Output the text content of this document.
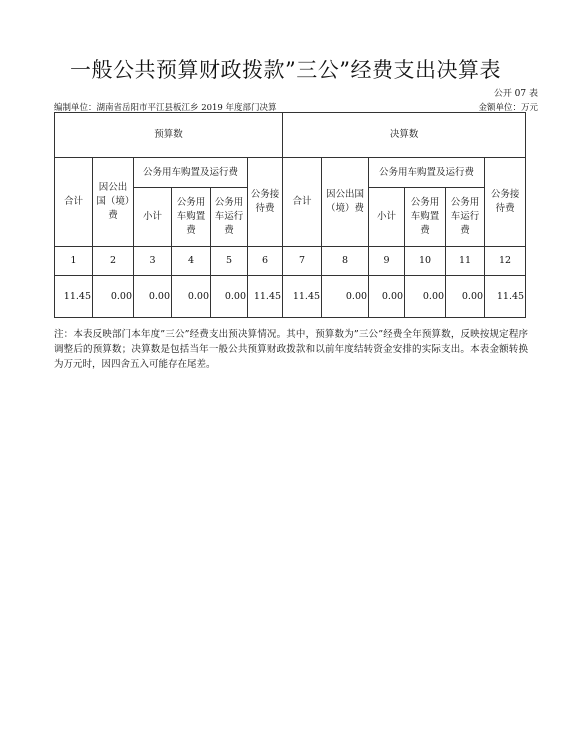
一般公共预算财政拨款”三公”经费支出决算表
公开 07 表
编制单位：湖南省岳阳市平江县板江乡 2019 年度部门决算	金额单位：万元
预算数						决算数					
合计	因公出国（境）费	公务用车购置及运行费			公务接待费	合计	因公出国（境）费	公务用车购置及运行费			公务接待费
		小计	公务用车购置费	公务用车运行费				小计	公务用车购置费	公务用车运行费	
1	2	3	4	5	6	7	8	9	10	11	12
11.45	0.00	0.00	0.00	0.00	11.45	11.45	0.00	0.00	0.00	0.00	11.45
注：本表反映部门本年度”三公”经费支出预决算情况。其中，预算数为”三公”经费全年预算数，反映按规定程序调整后的预算数；决算数是包括当年一般公共预算财政拨款和以前年度结转资金安排的实际支出。本表金额转换为万元时，因四舍五入可能存在尾差。
